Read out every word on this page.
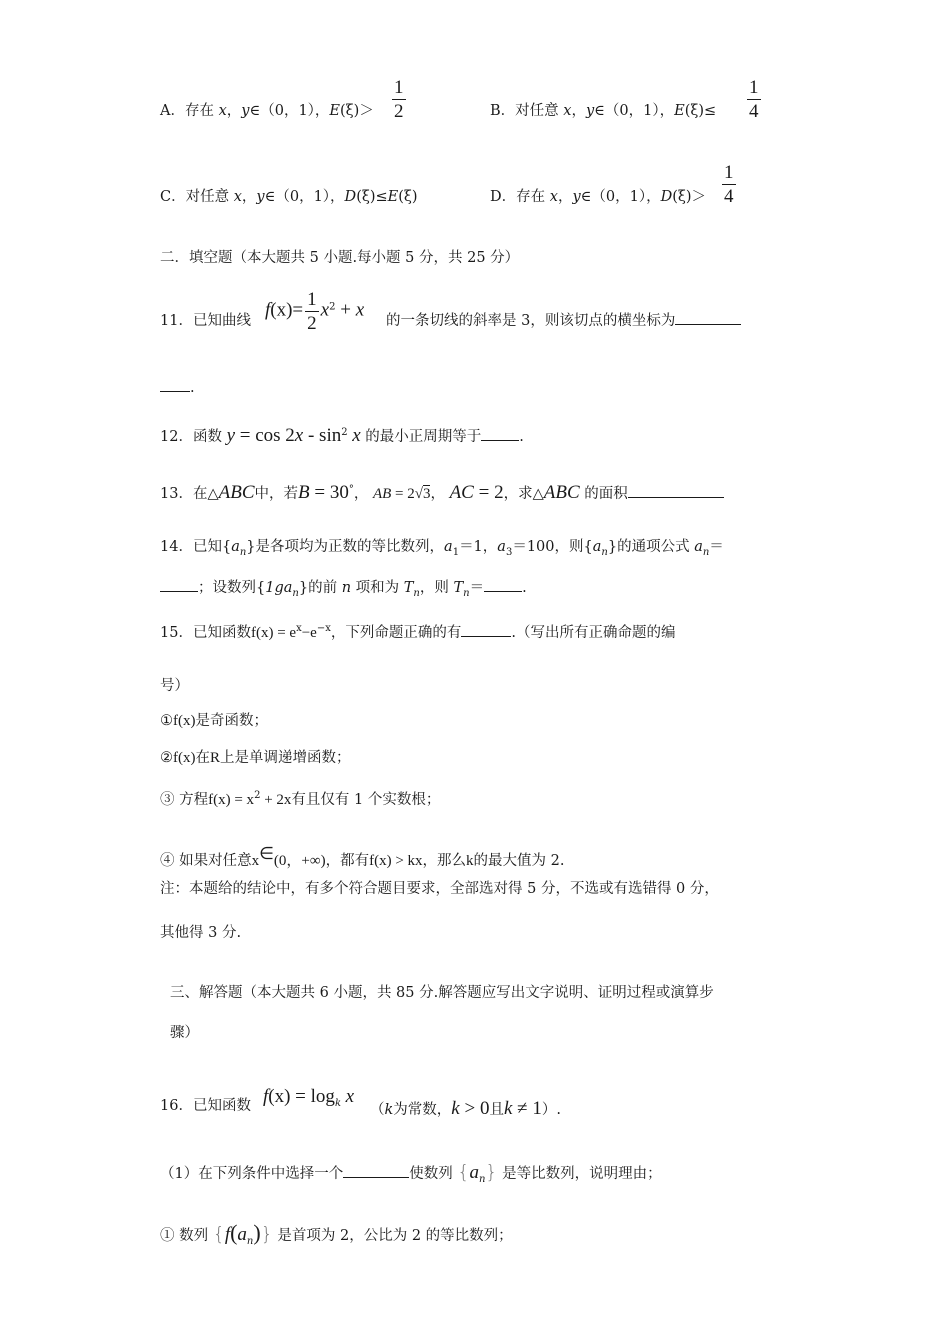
A．存在 x，y∈（0，1），$E(\xi)> \frac{1}{2}$	B．对任意 x，y∈（0，1），$E(\xi)\le \frac{1}{4}$
C．对任意 x，y∈（0，1），D(ξ)≤E(ξ)	D．存在 x，y∈（0，1），$D(\xi)> \frac{1}{4}$
二．填空题（本大题共 5 小题.每小题 5 分，共 25 分）
11．已知曲线
$f(x)= \frac{1}{2} x^2 + x$
的一条切线的斜率是 3，则该切点的横坐标为
.
12．函数 $y = \cos 2x - \sin^2 x$ 的最小正周期等于	.
13．在△ABC中，若B = 30°， AB = 2√3， AC = 2，求△ABC 的面积
14．已知$\{a_n\}$是各项均为正数的等比数列，$a_1=1$，$a_3=100$，则$\{a_n\}$的通项公式 $a_n=$
；设数列$\{1ga_n\}$的前 n 项和为 $T_n$，则 $T_n=$	.
15．已知函数$f(x) = e^x-e^{-x}$，下列命题正确的有	.（写出所有正确命题的编
号）
①f(x)是奇函数；
②f(x)在R上是单调递增函数；
③ 方程$f(x) = x^2 + 2x$有且仅有 1 个实数根；
④ 如果对任意x∈(0，+∞)，都有f(x) > kx，那么k的最大值为 2.
注：本题给的结论中，有多个符合题目要求，全部选对得 5 分，不选或有选错得 0 分，
其他得 3 分.
三、解答题（本大题共 6 小题，共 85 分.解答题应写出文字说明、证明过程或演算步
骤）
16．已知函数 $f(x) = \log_k x$
（k为常数，k > 0且k ≠ 1）.
（1）在下列条件中选择一个	使数列 $\{a_n\}$ 是等比数列，说明理由；
① 数列 $\{f(a_n)\}$ 是首项为 2，公比为 2 的等比数列；
